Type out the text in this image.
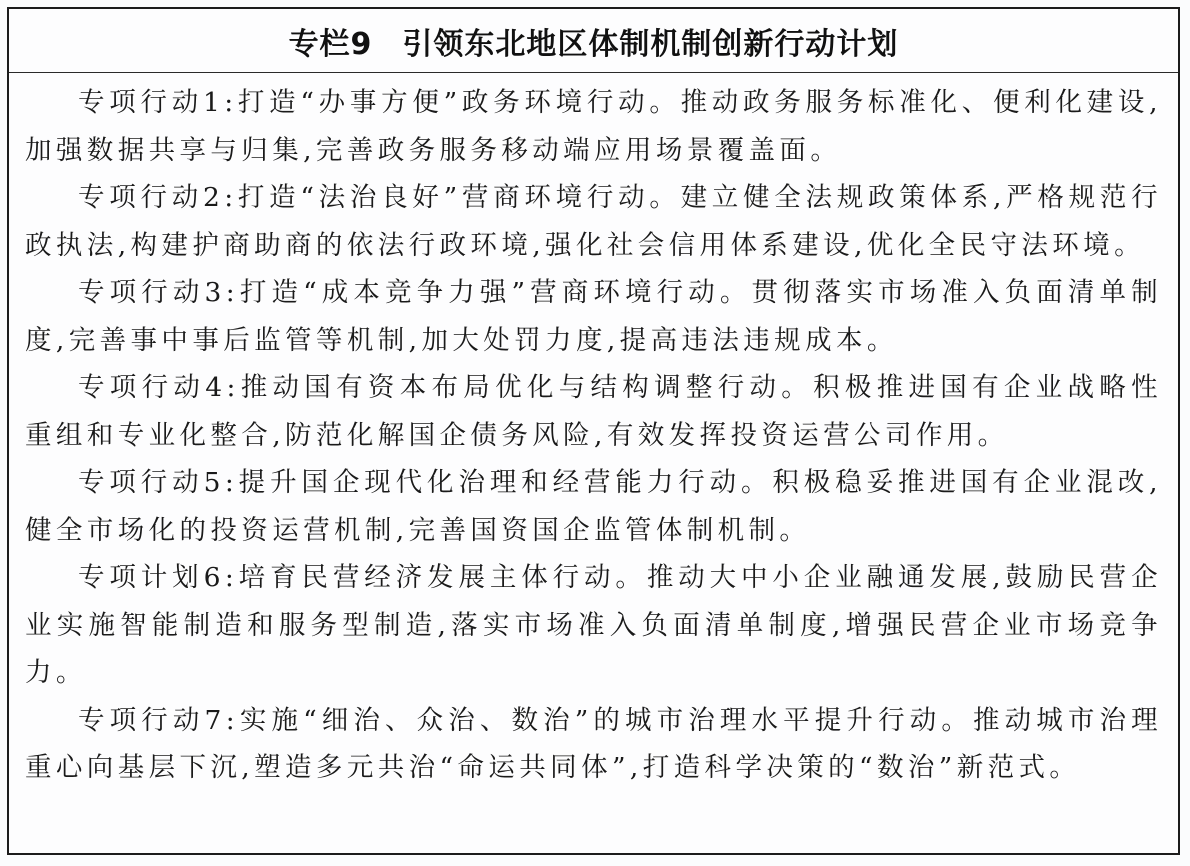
专栏9 引领东北地区体制机制创新行动计划

专项行动1:打造“办事方便”政务环境行动。推动政务服务标准化、便利化建设,加强数据共享与归集,完善政务服务移动端应用场景覆盖面。

专项行动2:打造“法治良好”营商环境行动。建立健全法规政策体系,严格规范行政执法,构建护商助商的依法行政环境,强化社会信用体系建设,优化全民守法环境。

专项行动3:打造“成本竞争力强”营商环境行动。贯彻落实市场准入负面清单制度,完善事中事后监管等机制,加大处罚力度,提高违法违规成本。

专项行动4:推动国有资本布局优化与结构调整行动。积极推进国有企业战略性重组和专业化整合,防范化解国企债务风险,有效发挥投资运营公司作用。

专项行动5:提升国企现代化治理和经营能力行动。积极稳妥推进国有企业混改,健全市场化的投资运营机制,完善国资国企监管体制机制。

专项计划6:培育民营经济发展主体行动。推动大中小企业融通发展,鼓励民营企业实施智能制造和服务型制造,落实市场准入负面清单制度,增强民营企业市场竞争力。

专项行动7:实施“细治、众治、数治”的城市治理水平提升行动。推动城市治理重心向基层下沉,塑造多元共治“命运共同体”,打造科学决策的“数治”新范式。
